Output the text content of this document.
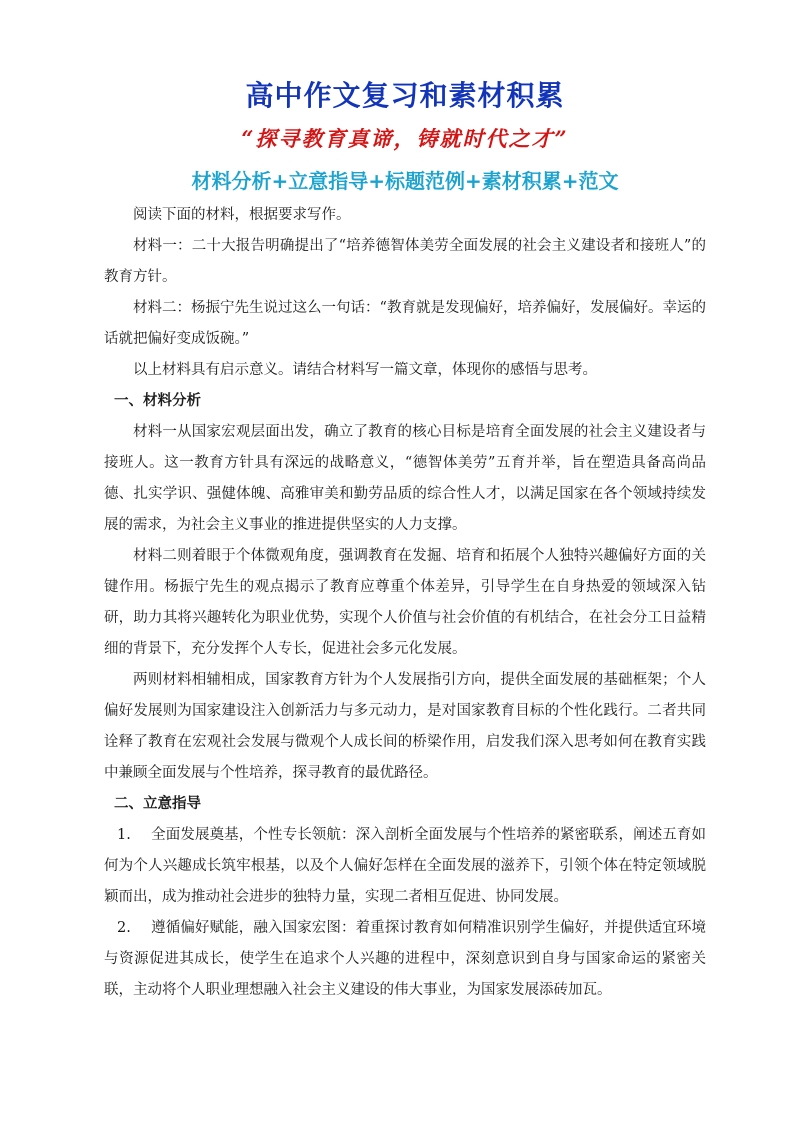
高中作文复习和素材积累
“探寻教育真谛，铸就时代之才”
材料分析+立意指导+标题范例+素材积累+范文

阅读下面的材料，根据要求写作。

材料一：二十大报告明确提出了“培养德智体美劳全面发展的社会主义建设者和接班人”的教育方针。

材料二：杨振宁先生说过这么一句话：“教育就是发现偏好，培养偏好，发展偏好。幸运的话就把偏好变成饭碗。”

以上材料具有启示意义。请结合材料写一篇文章，体现你的感悟与思考。

一、材料分析

材料一从国家宏观层面出发，确立了教育的核心目标是培育全面发展的社会主义建设者与接班人。这一教育方针具有深远的战略意义，“德智体美劳”五育并举，旨在塑造具备高尚品德、扎实学识、强健体魄、高雅审美和勤劳品质的综合性人才，以满足国家在各个领域持续发展的需求，为社会主义事业的推进提供坚实的人力支撑。

材料二则着眼于个体微观角度，强调教育在发掘、培育和拓展个人独特兴趣偏好方面的关键作用。杨振宁先生的观点揭示了教育应尊重个体差异，引导学生在自身热爱的领域深入钻研，助力其将兴趣转化为职业优势，实现个人价值与社会价值的有机结合，在社会分工日益精细的背景下，充分发挥个人专长，促进社会多元化发展。

两则材料相辅相成，国家教育方针为个人发展指引方向，提供全面发展的基础框架；个人偏好发展则为国家建设注入创新活力与多元动力，是对国家教育目标的个性化践行。二者共同诠释了教育在宏观社会发展与微观个人成长间的桥梁作用，启发我们深入思考如何在教育实践中兼顾全面发展与个性培养，探寻教育的最优路径。

二、立意指导

1. 全面发展奠基，个性专长领航：深入剖析全面发展与个性培养的紧密联系，阐述五育如何为个人兴趣成长筑牢根基，以及个人偏好怎样在全面发展的滋养下，引领个体在特定领域脱颖而出，成为推动社会进步的独特力量，实现二者相互促进、协同发展。

2. 遵循偏好赋能，融入国家宏图：着重探讨教育如何精准识别学生偏好，并提供适宜环境与资源促进其成长，使学生在追求个人兴趣的进程中，深刻意识到自身与国家命运的紧密关联，主动将个人职业理想融入社会主义建设的伟大事业，为国家发展添砖加瓦。
